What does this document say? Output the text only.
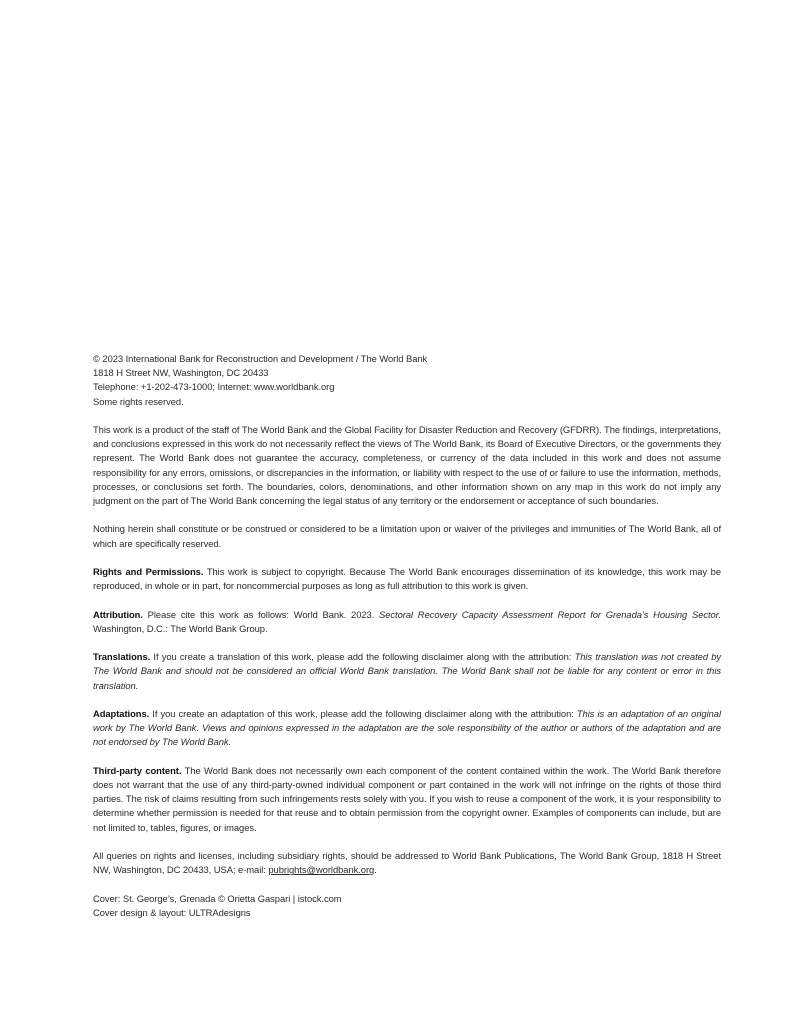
© 2023 International Bank for Reconstruction and Development / The World Bank
1818 H Street NW, Washington, DC 20433
Telephone: +1-202-473-1000; Internet: www.worldbank.org
Some rights reserved.

This work is a product of the staff of The World Bank and the Global Facility for Disaster Reduction and Recovery (GFDRR). The findings, interpretations, and conclusions expressed in this work do not necessarily reflect the views of The World Bank, its Board of Executive Directors, or the governments they represent. The World Bank does not guarantee the accuracy, completeness, or currency of the data included in this work and does not assume responsibility for any errors, omissions, or discrepancies in the information, or liability with respect to the use of or failure to use the information, methods, processes, or conclusions set forth. The boundaries, colors, denominations, and other information shown on any map in this work do not imply any judgment on the part of The World Bank concerning the legal status of any territory or the endorsement or acceptance of such boundaries.

Nothing herein shall constitute or be construed or considered to be a limitation upon or waiver of the privileges and immunities of The World Bank, all of which are specifically reserved.

Rights and Permissions. This work is subject to copyright. Because The World Bank encourages dissemination of its knowledge, this work may be reproduced, in whole or in part, for noncommercial purposes as long as full attribution to this work is given.

Attribution. Please cite this work as follows: World Bank. 2023. Sectoral Recovery Capacity Assessment Report for Grenada’s Housing Sector. Washington, D.C.: The World Bank Group.

Translations. If you create a translation of this work, please add the following disclaimer along with the attribution: This translation was not created by The World Bank and should not be considered an official World Bank translation. The World Bank shall not be liable for any content or error in this translation.

Adaptations. If you create an adaptation of this work, please add the following disclaimer along with the attribution: This is an adaptation of an original work by The World Bank. Views and opinions expressed in the adaptation are the sole responsibility of the author or authors of the adaptation and are not endorsed by The World Bank.

Third-party content. The World Bank does not necessarily own each component of the content contained within the work. The World Bank therefore does not warrant that the use of any third-party-owned individual component or part contained in the work will not infringe on the rights of those third parties. The risk of claims resulting from such infringements rests solely with you. If you wish to reuse a component of the work, it is your responsibility to determine whether permission is needed for that reuse and to obtain permission from the copyright owner. Examples of components can include, but are not limited to, tables, figures, or images.

All queries on rights and licenses, including subsidiary rights, should be addressed to World Bank Publications, The World Bank Group, 1818 H Street NW, Washington, DC 20433, USA; e-mail: pubrights@worldbank.org.

Cover: St. George’s, Grenada © Orietta Gaspari | istock.com
Cover design & layout: ULTRAdesigns
